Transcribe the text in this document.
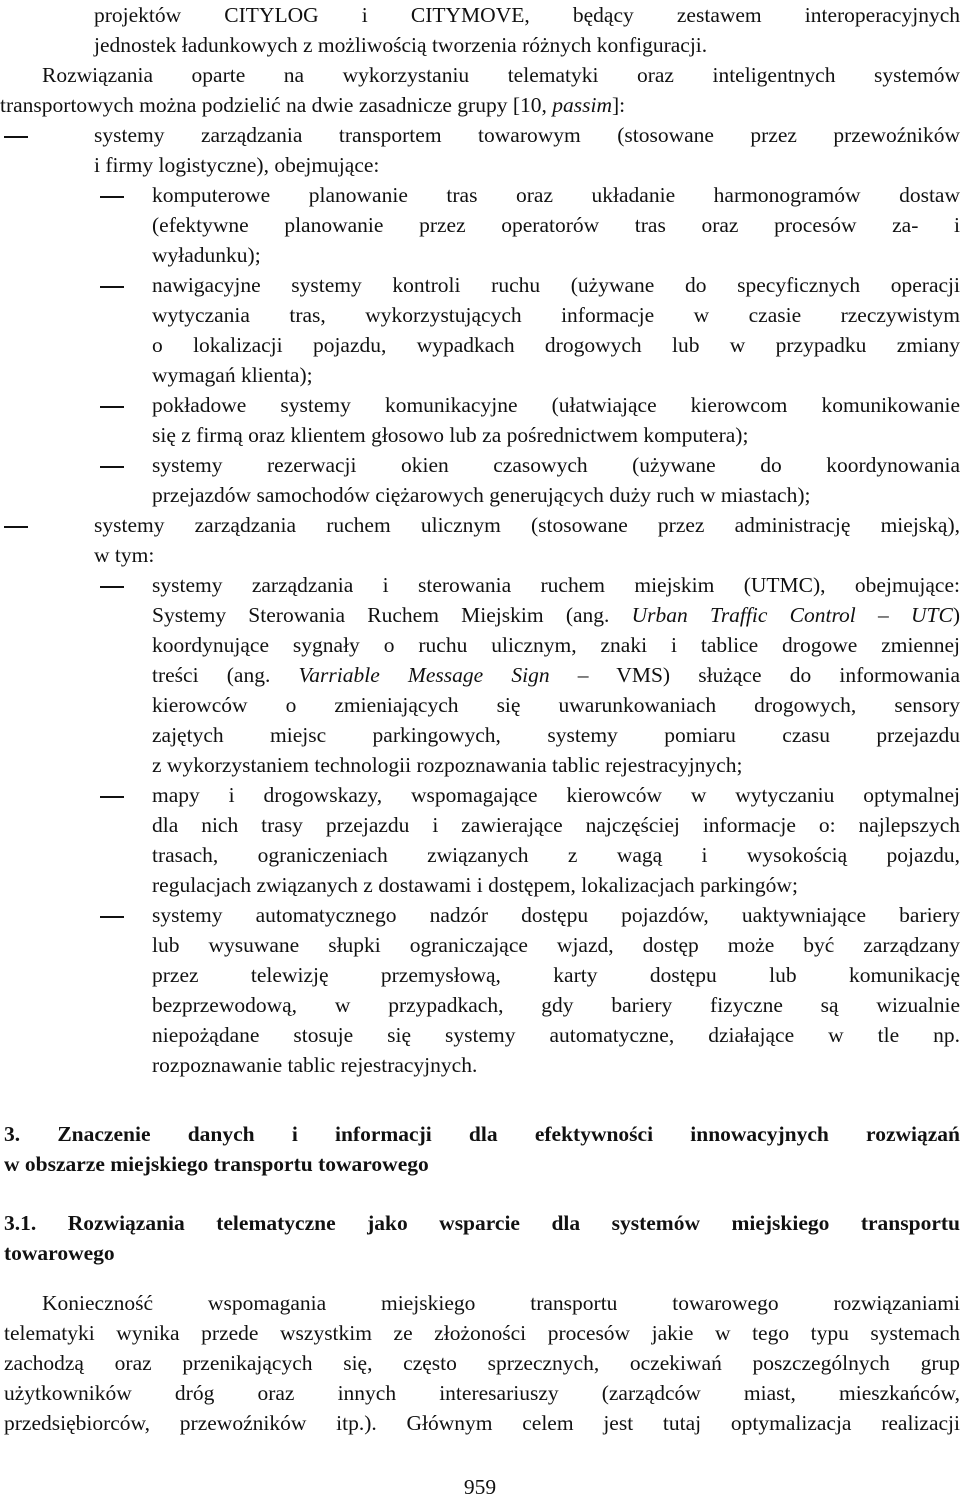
projektów CITYLOG i CITYMOVE, będący zestawem interoperacyjnych
jednostek ładunkowych z możliwością tworzenia różnych konfiguracji.
Rozwiązania oparte na wykorzystaniu telematyki oraz inteligentnych systemów
transportowych można podzielić na dwie zasadnicze grupy [10, passim]:
systemy zarządzania transportem towarowym (stosowane przez przewoźników
i firmy logistyczne), obejmujące:
komputerowe planowanie tras oraz układanie harmonogramów dostaw
(efektywne planowanie przez operatorów tras oraz procesów za- i
wyładunku);
nawigacyjne systemy kontroli ruchu (używane do specyficznych operacji
wytyczania tras, wykorzystujących informacje w czasie rzeczywistym
o lokalizacji pojazdu, wypadkach drogowych lub w przypadku zmiany
wymagań klienta);
pokładowe systemy komunikacyjne (ułatwiające kierowcom komunikowanie
się z firmą oraz klientem głosowo lub za pośrednictwem komputera);
systemy rezerwacji okien czasowych (używane do koordynowania
przejazdów samochodów ciężarowych generujących duży ruch w miastach);
systemy zarządzania ruchem ulicznym (stosowane przez administrację miejską),
w tym:
systemy zarządzania i sterowania ruchem miejskim (UTMC), obejmujące:
Systemy Sterowania Ruchem Miejskim (ang. Urban Traffic Control – UTC)
koordynujące sygnały o ruchu ulicznym, znaki i tablice drogowe zmiennej
treści (ang. Varriable Message Sign – VMS) służące do informowania
kierowców o zmieniających się uwarunkowaniach drogowych, sensory
zajętych miejsc parkingowych, systemy pomiaru czasu przejazdu
z wykorzystaniem technologii rozpoznawania tablic rejestracyjnych;
mapy i drogowskazy, wspomagające kierowców w wytyczaniu optymalnej
dla nich trasy przejazdu i zawierające najczęściej informacje o: najlepszych
trasach, ograniczeniach związanych z wagą i wysokością pojazdu,
regulacjach związanych z dostawami i dostępem, lokalizacjach parkingów;
systemy automatycznego nadzór dostępu pojazdów, uaktywniające bariery
lub wysuwane słupki ograniczające wjazd, dostęp może być zarządzany
przez telewizję przemysłową, karty dostępu lub komunikację
bezprzewodową, w przypadkach, gdy bariery fizyczne są wizualnie
niepożądane stosuje się systemy automatyczne, działające w tle np.
rozpoznawanie tablic rejestracyjnych.
3. Znaczenie danych i informacji dla efektywności innowacyjnych rozwiązań
w obszarze miejskiego transportu towarowego
3.1. Rozwiązania telematyczne jako wsparcie dla systemów miejskiego transportu
towarowego
Konieczność wspomagania miejskiego transportu towarowego rozwiązaniami
telematyki wynika przede wszystkim ze złożoności procesów jakie w tego typu systemach
zachodzą oraz przenikających się, często sprzecznych, oczekiwań poszczególnych grup
użytkowników dróg oraz innych interesariuszy (zarządców miast, mieszkańców,
przedsiębiorców, przewoźników itp.). Głównym celem jest tutaj optymalizacja realizacji
959
